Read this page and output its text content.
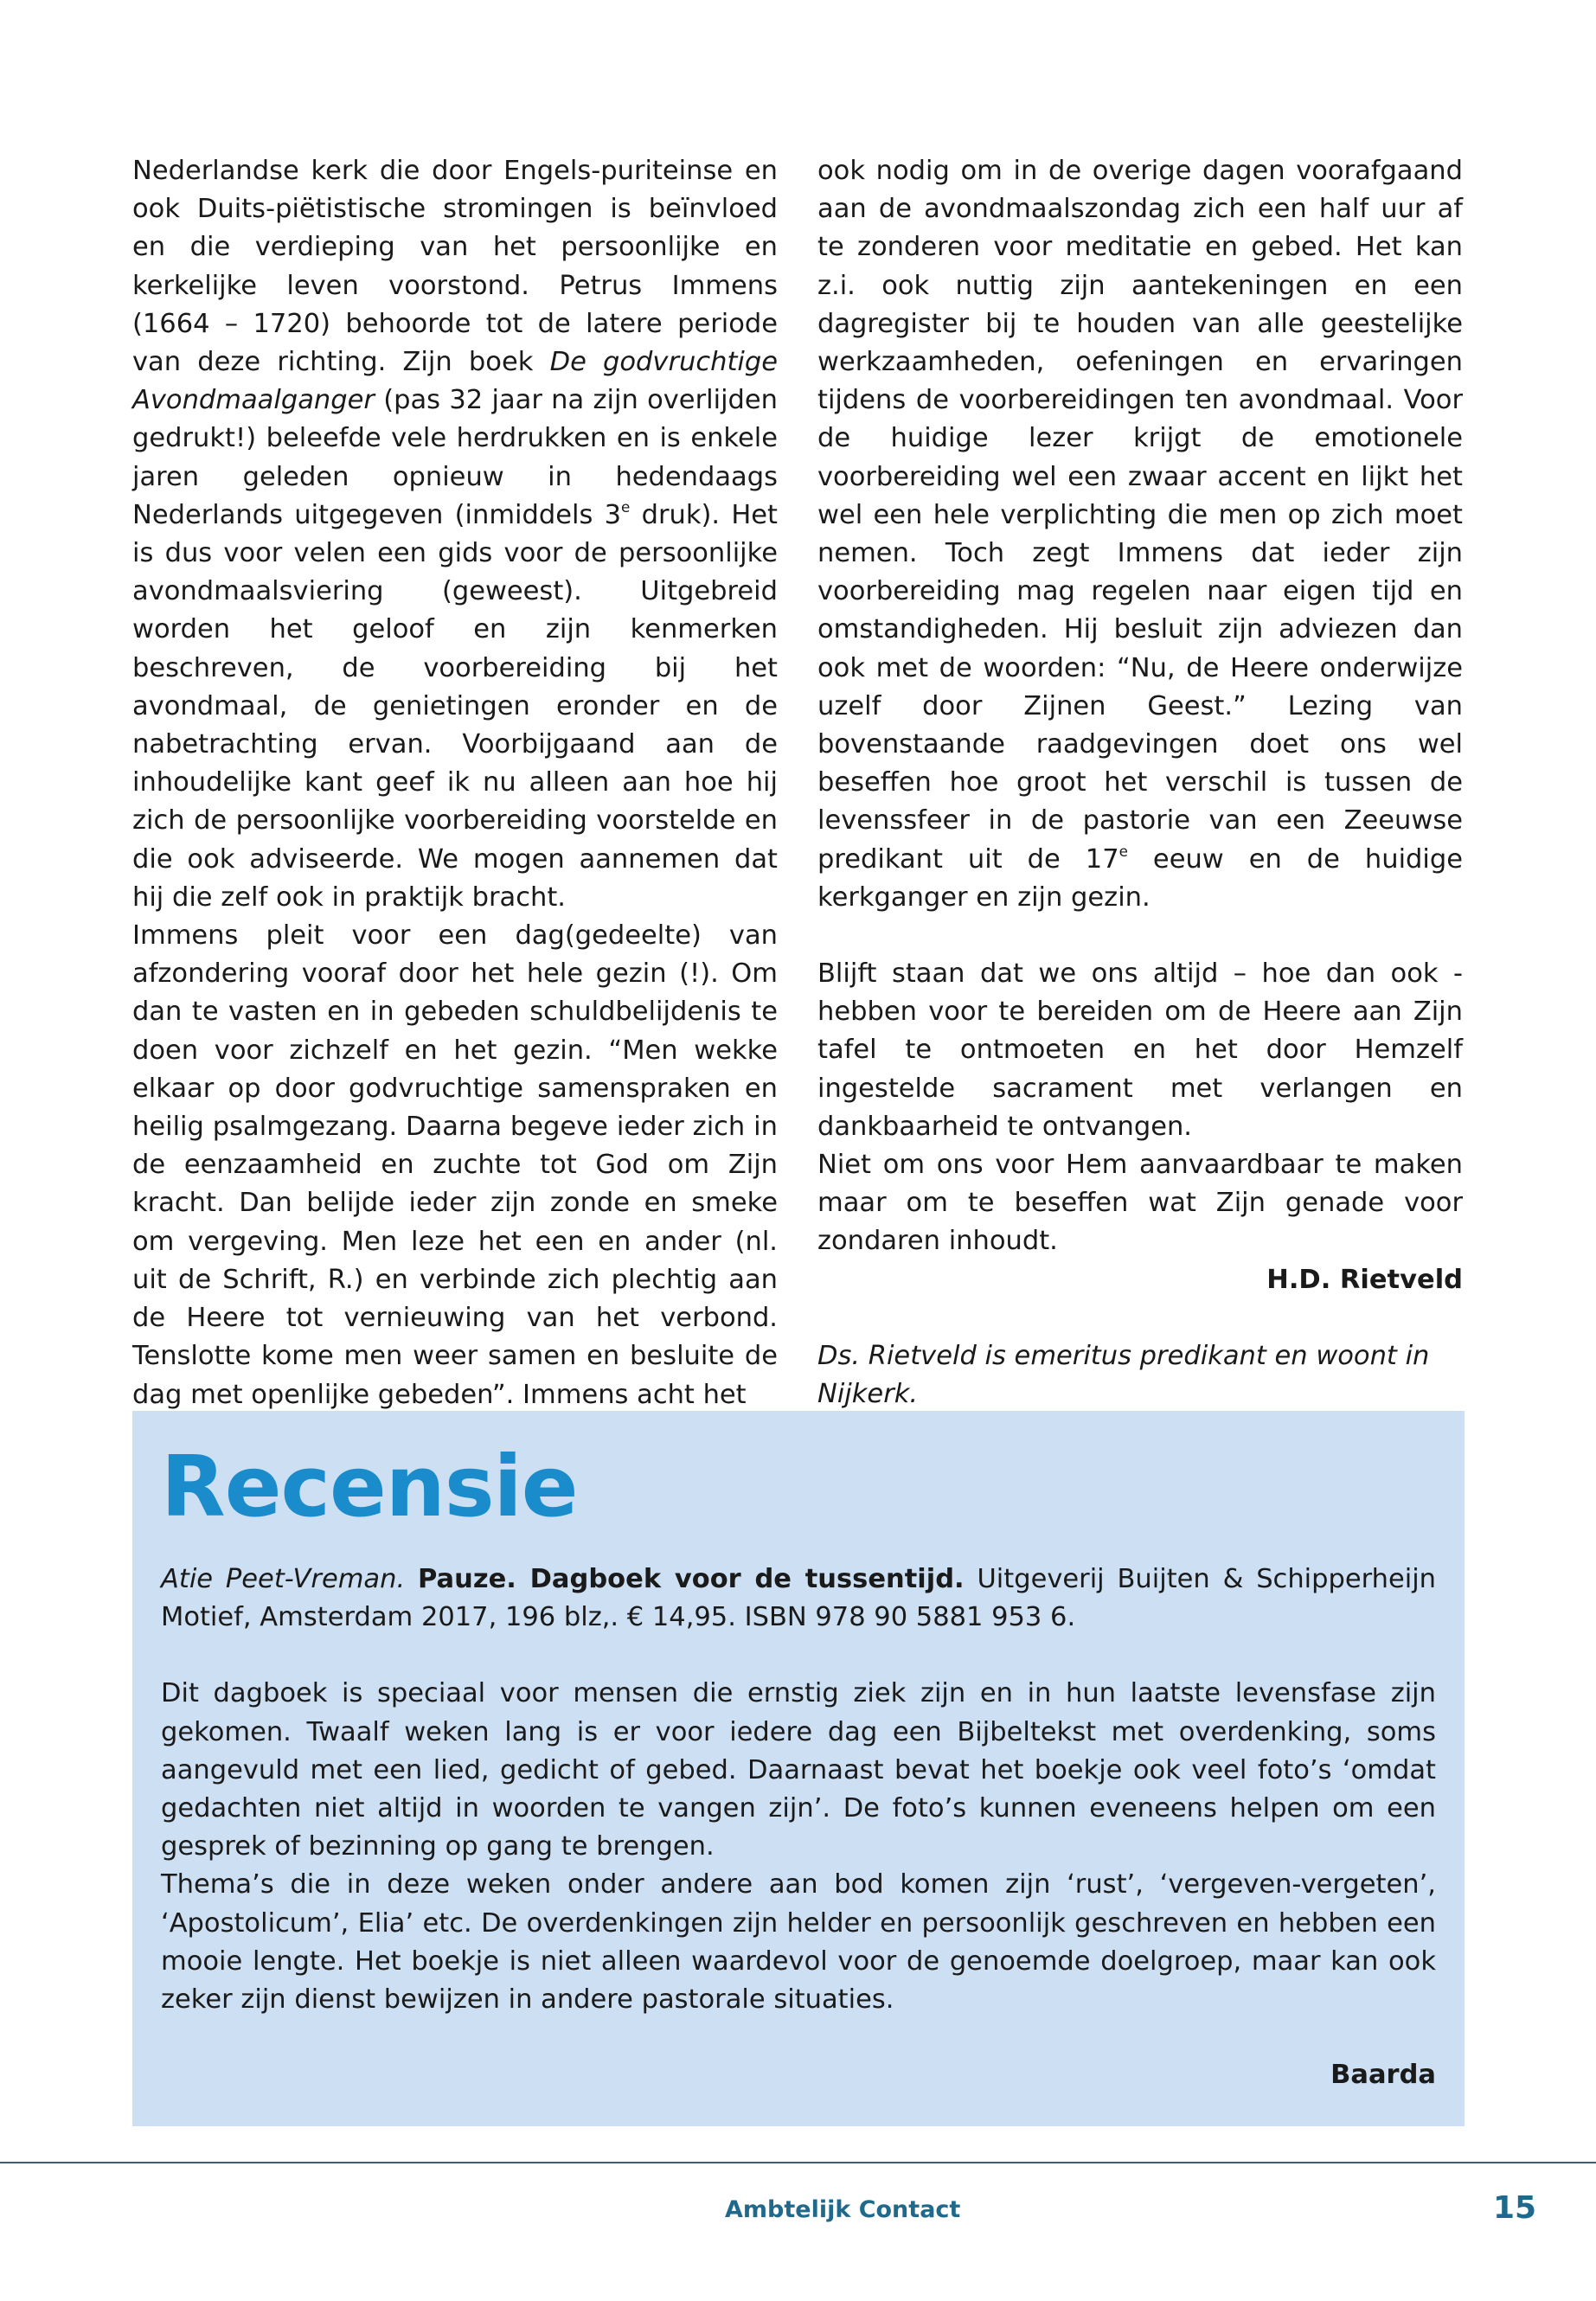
Nederlandse kerk die door Engels-puriteinse en ook Duits-piëtistische stromingen is beïnvloed en die verdieping van het persoonlijke en kerkelijke leven voorstond. Petrus Immens (1664 – 1720) behoorde tot de latere periode van deze richting. Zijn boek De godvruchtige Avondmaalganger (pas 32 jaar na zijn overlijden gedrukt!) beleefde vele herdrukken en is enkele jaren geleden opnieuw in hedendaags Nederlands uitgegeven (inmiddels 3e druk). Het is dus voor velen een gids voor de persoonlijke avondmaalsviering (geweest). Uitgebreid worden het geloof en zijn kenmerken beschreven, de voorbereiding bij het avondmaal, de genietingen eronder en de nabetrachting ervan. Voorbijgaand aan de inhoudelijke kant geef ik nu alleen aan hoe hij zich de persoonlijke voorbereiding voorstelde en die ook adviseerde. We mogen aannemen dat hij die zelf ook in praktijk bracht.

Immens pleit voor een dag(gedeelte) van afzondering vooraf door het hele gezin (!). Om dan te vasten en in gebeden schuldbelijdenis te doen voor zichzelf en het gezin. “Men wekke elkaar op door godvruchtige samenspraken en heilig psalmgezang. Daarna begeve ieder zich in de eenzaamheid en zuchte tot God om Zijn kracht. Dan belijde ieder zijn zonde en smeke om vergeving. Men leze het een en ander (nl. uit de Schrift, R.) en verbinde zich plechtig aan de Heere tot vernieuwing van het verbond. Tenslotte kome men weer samen en besluite de dag met openlijke gebeden”. Immens acht het

ook nodig om in de overige dagen voorafgaand aan de avondmaalszondag zich een half uur af te zonderen voor meditatie en gebed. Het kan z.i. ook nuttig zijn aantekeningen en een dagregister bij te houden van alle geestelijke werkzaamheden, oefeningen en ervaringen tijdens de voorbereidingen ten avondmaal. Voor de huidige lezer krijgt de emotionele voorbereiding wel een zwaar accent en lijkt het wel een hele verplichting die men op zich moet nemen. Toch zegt Immens dat ieder zijn voorbereiding mag regelen naar eigen tijd en omstandigheden. Hij besluit zijn adviezen dan ook met de woorden: “Nu, de Heere onderwijze uzelf door Zijnen Geest.” Lezing van bovenstaande raadgevingen doet ons wel beseffen hoe groot het verschil is tussen de levenssfeer in de pastorie van een Zeeuwse predikant uit de 17e eeuw en de huidige kerkganger en zijn gezin.

Blijft staan dat we ons altijd – hoe dan ook - hebben voor te bereiden om de Heere aan Zijn tafel te ontmoeten en het door Hemzelf ingestelde sacrament met verlangen en dankbaarheid te ontvangen.

Niet om ons voor Hem aanvaardbaar te maken maar om te beseffen wat Zijn genade voor zondaren inhoudt.

H.D. Rietveld

Ds. Rietveld is emeritus predikant en woont in Nijkerk.

Recensie

Atie Peet-Vreman. Pauze. Dagboek voor de tussentijd. Uitgeverij Buijten & Schipperheijn Motief, Amsterdam 2017, 196 blz,. € 14,95. ISBN 978 90 5881 953 6.

Dit dagboek is speciaal voor mensen die ernstig ziek zijn en in hun laatste levensfase zijn gekomen. Twaalf weken lang is er voor iedere dag een Bijbeltekst met overdenking, soms aangevuld met een lied, gedicht of gebed. Daarnaast bevat het boekje ook veel foto’s ‘omdat gedachten niet altijd in woorden te vangen zijn’. De foto’s kunnen eveneens helpen om een gesprek of bezinning op gang te brengen.

Thema’s die in deze weken onder andere aan bod komen zijn ‘rust’, ‘vergeven-vergeten’, ‘Apostolicum’, Elia’ etc. De overdenkingen zijn helder en persoonlijk geschreven en hebben een mooie lengte. Het boekje is niet alleen waardevol voor de genoemde doelgroep, maar kan ook zeker zijn dienst bewijzen in andere pastorale situaties.

Baarda
Ambtelijk Contact	15
